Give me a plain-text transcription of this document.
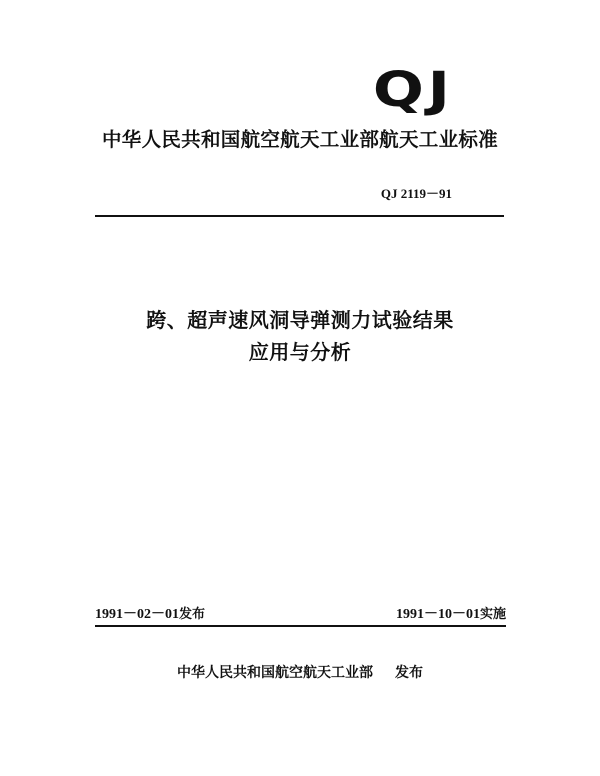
QJ
中华人民共和国航空航天工业部航天工业标准
QJ 2119－91
跨、超声速风洞导弹测力试验结果
应用与分析
1991－02－01发布	1991－10－01实施
中华人民共和国航空航天工业部 发布
